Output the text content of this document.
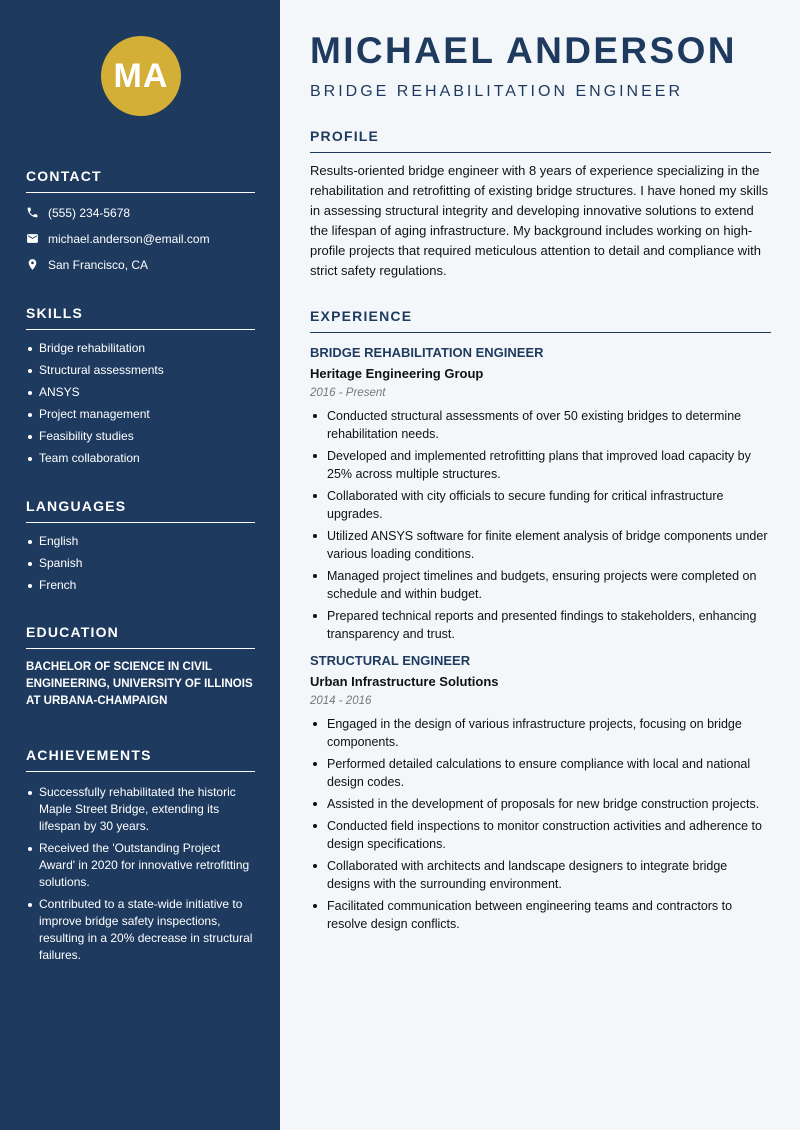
MA
CONTACT
(555) 234-5678
michael.anderson@email.com
San Francisco, CA
SKILLS
Bridge rehabilitation
Structural assessments
ANSYS
Project management
Feasibility studies
Team collaboration
LANGUAGES
English
Spanish
French
EDUCATION
BACHELOR OF SCIENCE IN CIVIL ENGINEERING, UNIVERSITY OF ILLINOIS AT URBANA-CHAMPAIGN
ACHIEVEMENTS
Successfully rehabilitated the historic Maple Street Bridge, extending its lifespan by 30 years.
Received the 'Outstanding Project Award' in 2020 for innovative retrofitting solutions.
Contributed to a state-wide initiative to improve bridge safety inspections, resulting in a 20% decrease in structural failures.
MICHAEL ANDERSON
BRIDGE REHABILITATION ENGINEER
PROFILE
Results-oriented bridge engineer with 8 years of experience specializing in the rehabilitation and retrofitting of existing bridge structures. I have honed my skills in assessing structural integrity and developing innovative solutions to extend the lifespan of aging infrastructure. My background includes working on high-profile projects that required meticulous attention to detail and compliance with strict safety regulations.
EXPERIENCE
BRIDGE REHABILITATION ENGINEER
Heritage Engineering Group
2016 - Present
Conducted structural assessments of over 50 existing bridges to determine rehabilitation needs.
Developed and implemented retrofitting plans that improved load capacity by 25% across multiple structures.
Collaborated with city officials to secure funding for critical infrastructure upgrades.
Utilized ANSYS software for finite element analysis of bridge components under various loading conditions.
Managed project timelines and budgets, ensuring projects were completed on schedule and within budget.
Prepared technical reports and presented findings to stakeholders, enhancing transparency and trust.
STRUCTURAL ENGINEER
Urban Infrastructure Solutions
2014 - 2016
Engaged in the design of various infrastructure projects, focusing on bridge components.
Performed detailed calculations to ensure compliance with local and national design codes.
Assisted in the development of proposals for new bridge construction projects.
Conducted field inspections to monitor construction activities and adherence to design specifications.
Collaborated with architects and landscape designers to integrate bridge designs with the surrounding environment.
Facilitated communication between engineering teams and contractors to resolve design conflicts.
